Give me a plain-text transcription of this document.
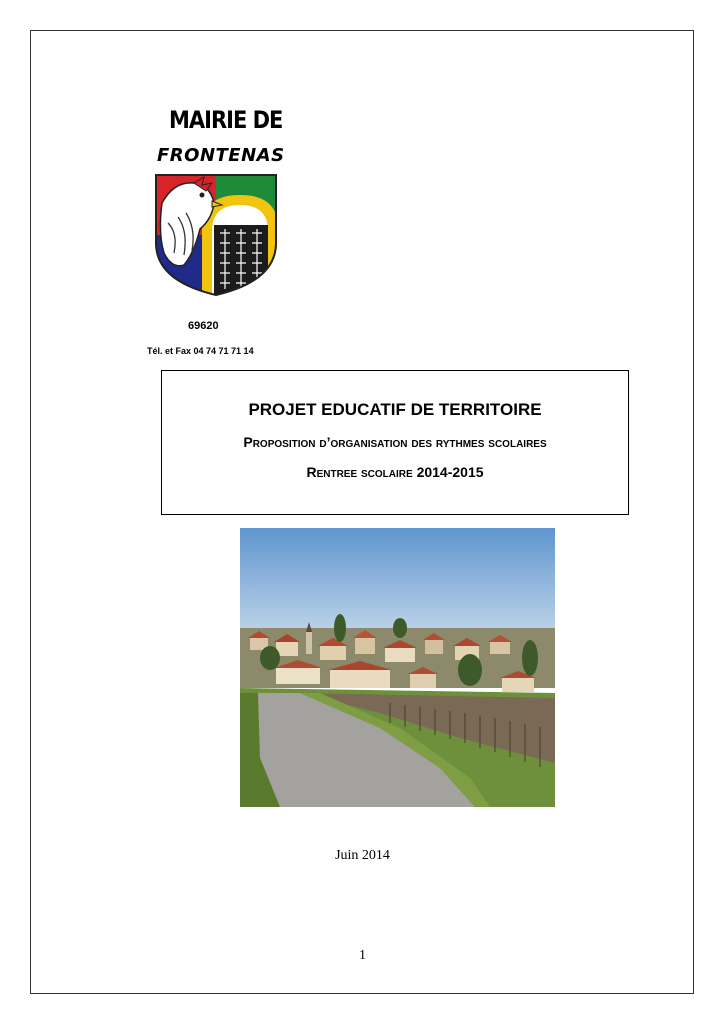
MAIRIE DE
FRONTENAS
69620
Tél. et Fax 04 74 71 71 14
PROJET EDUCATIF DE TERRITOIRE
Proposition d’organisation des rythmes scolaires
Rentree scolaire 2014-2015
Juin 2014
1
